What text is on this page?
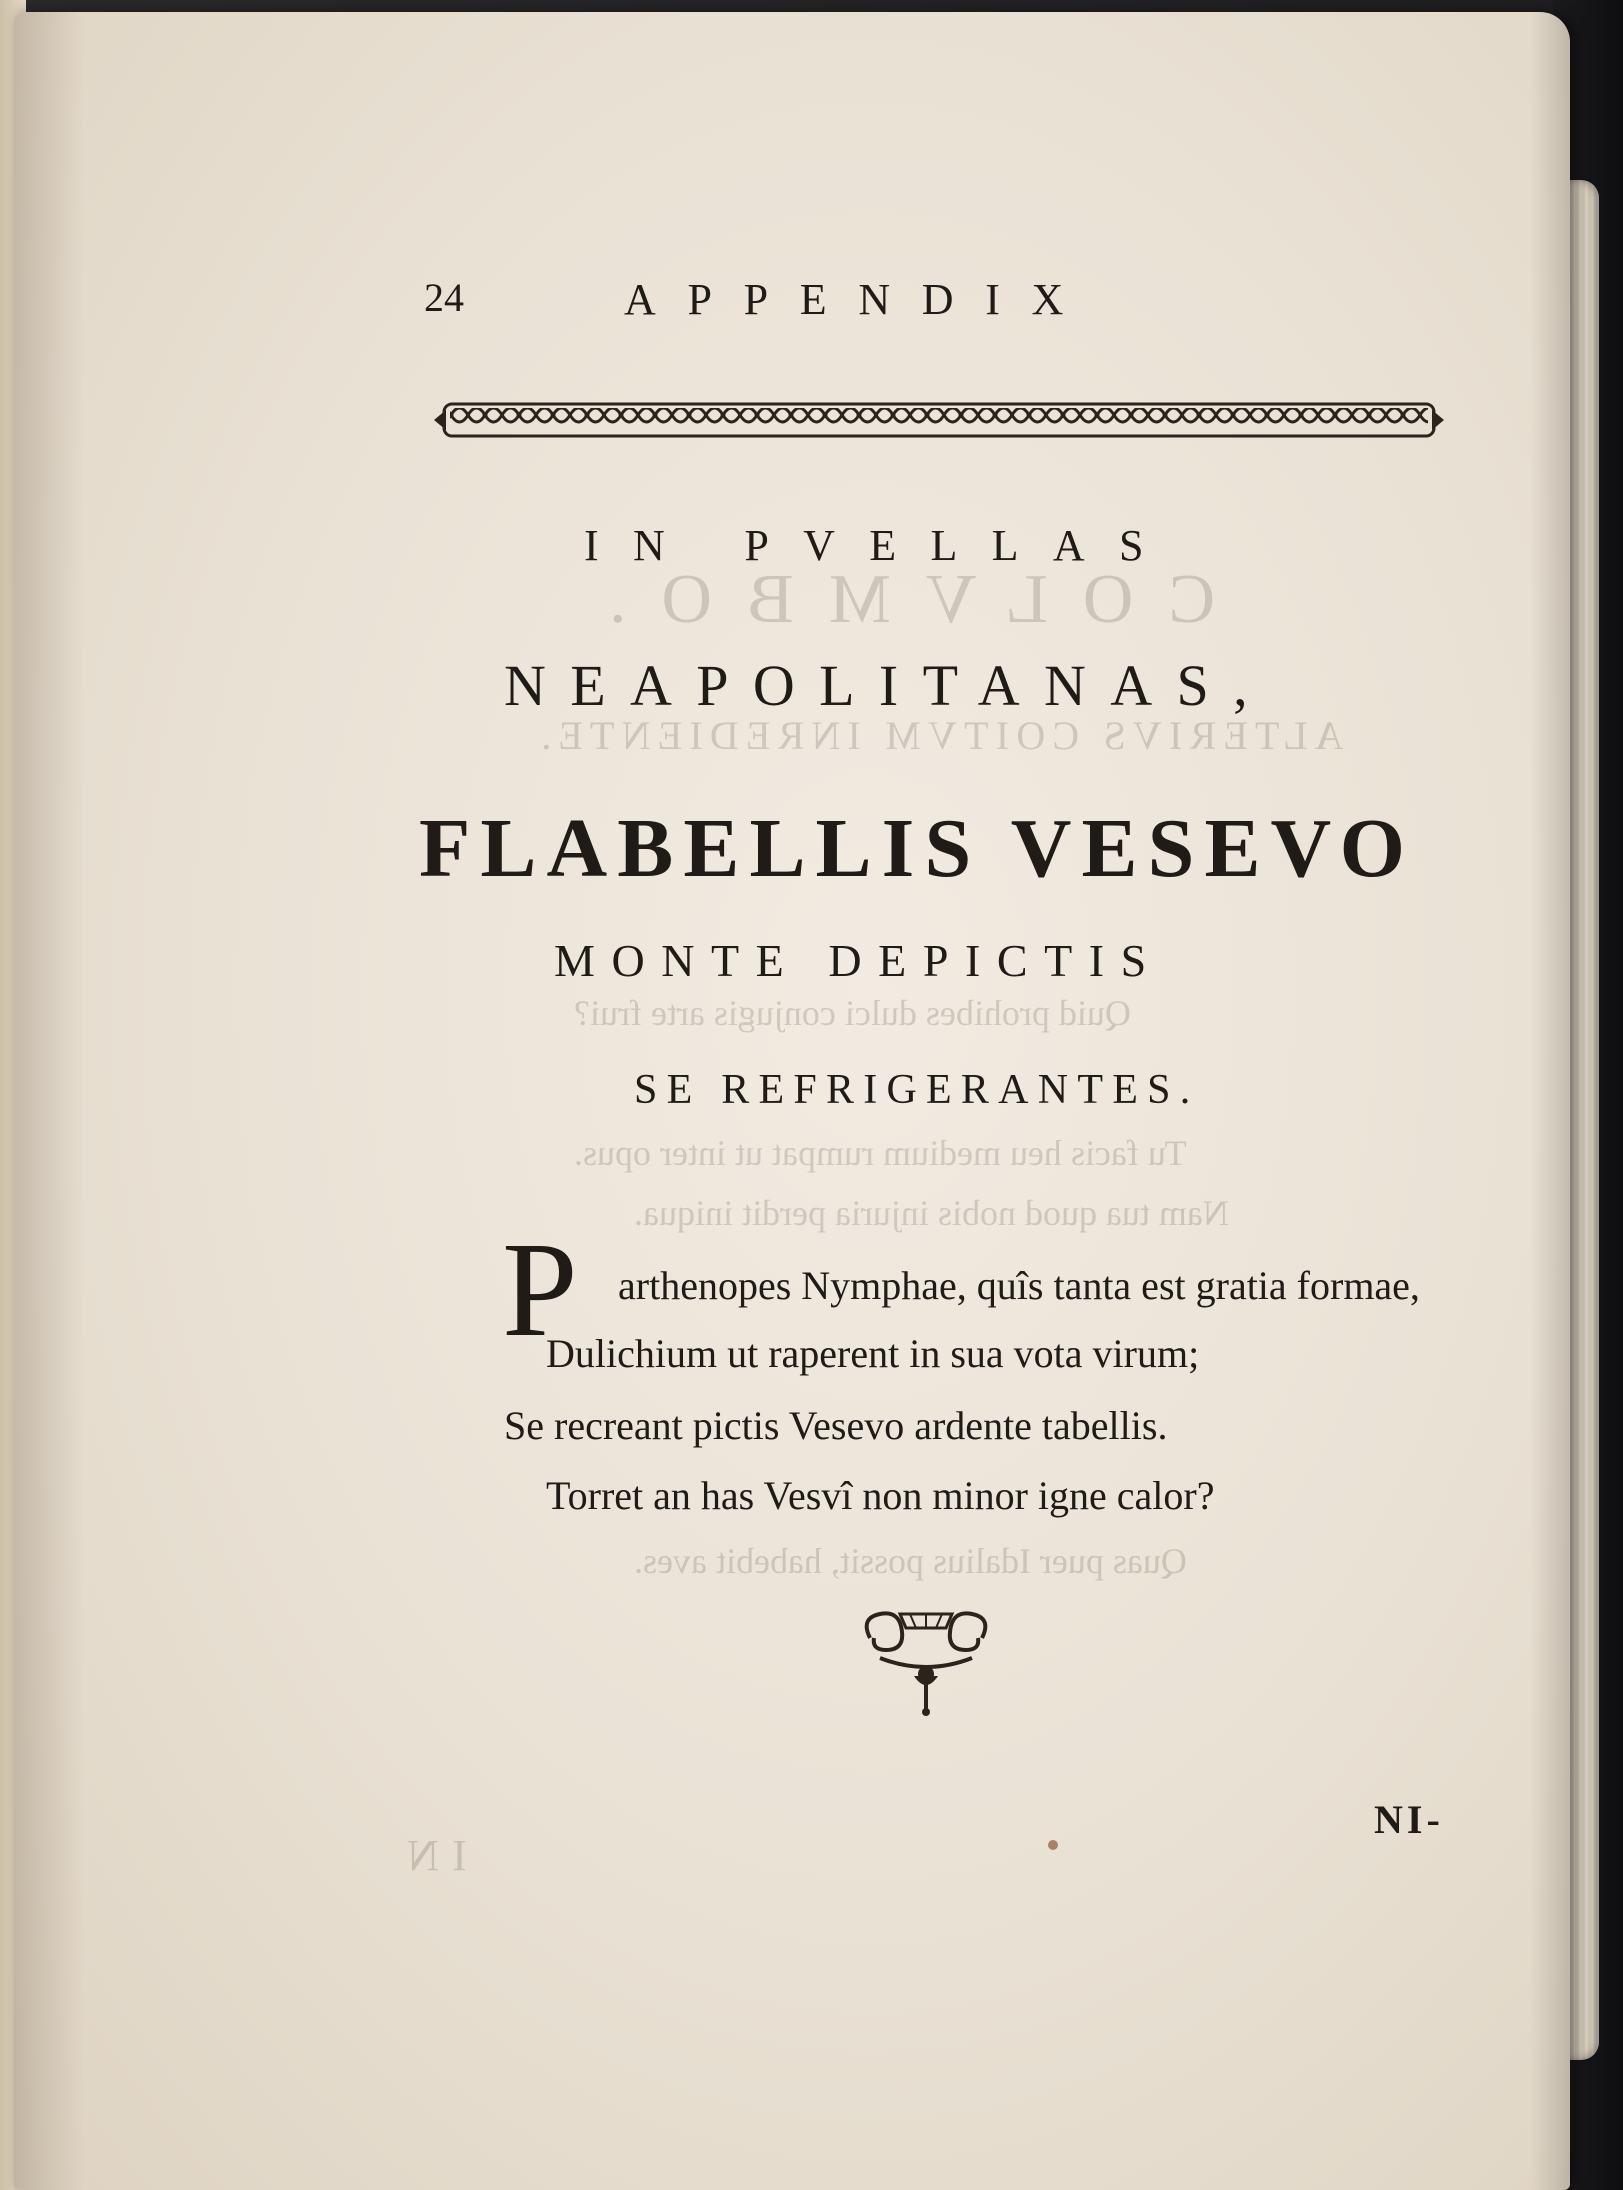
COLVMBO.
ALTERIVS COITVM INREDIENTE.
Quid prohibes dulci conjugis arte frui?
Tu facis heu medium rumpat ut inter opus.
Nam tua quod nobis injuria perdit iniqua.
Quas puer Idalius possit, habebit aves.
IN
24	APPENDIX
IN PVELLAS
NEAPOLITANAS,
FLABELLIS VESEVO
MONTE DEPICTIS
SE REFRIGERANTES.
P arthenopes Nymphae, quîs tanta est gratia formae,
Dulichium ut raperent in sua vota virum;
Se recreant pictis Vesevo ardente tabellis.
Torret an has Vesvî non minor igne calor?
NI-
